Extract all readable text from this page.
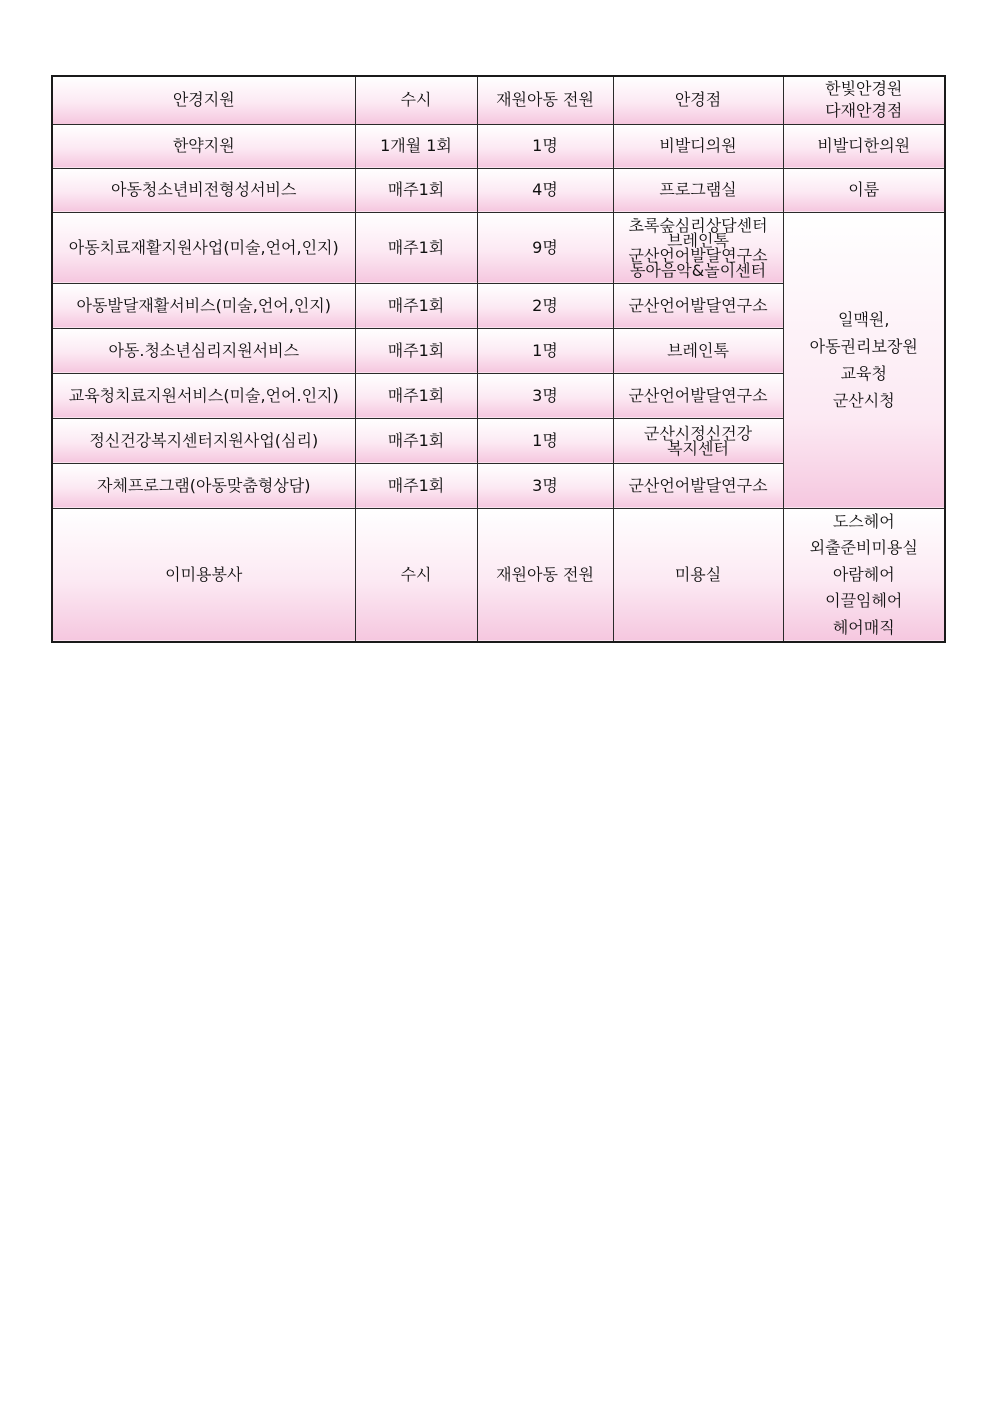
안경지원	수시	재원아동 전원	안경점	한빛안경원
다재안경점

한약지원	1개월 1회	1명	비발디의원	비발디한의원

아동청소년비전형성서비스	매주1회	4명	프로그램실	이룸

아동치료재활지원사업(미술,언어,인지)	매주1회	9명	초록숲심리상담센터
브레인톡
군산언어발달연구소
동아음악&놀이센터	일맥원,
아동권리보장원
교육청
군산시청

아동발달재활서비스(미술,언어,인지)	매주1회	2명	군산언어발달연구소	

아동.청소년심리지원서비스	매주1회	1명	브레인톡	

교육청치료지원서비스(미술,언어.인지)	매주1회	3명	군산언어발달연구소	

정신건강복지센터지원사업(심리)	매주1회	1명	군산시정신건강
복지센터	

자체프로그램(아동맞춤형상담)	매주1회	3명	군산언어발달연구소	

이미용봉사	수시	재원아동 전원	미용실	도스헤어
외출준비미용실
아람헤어
이끌임헤어
헤어매직
